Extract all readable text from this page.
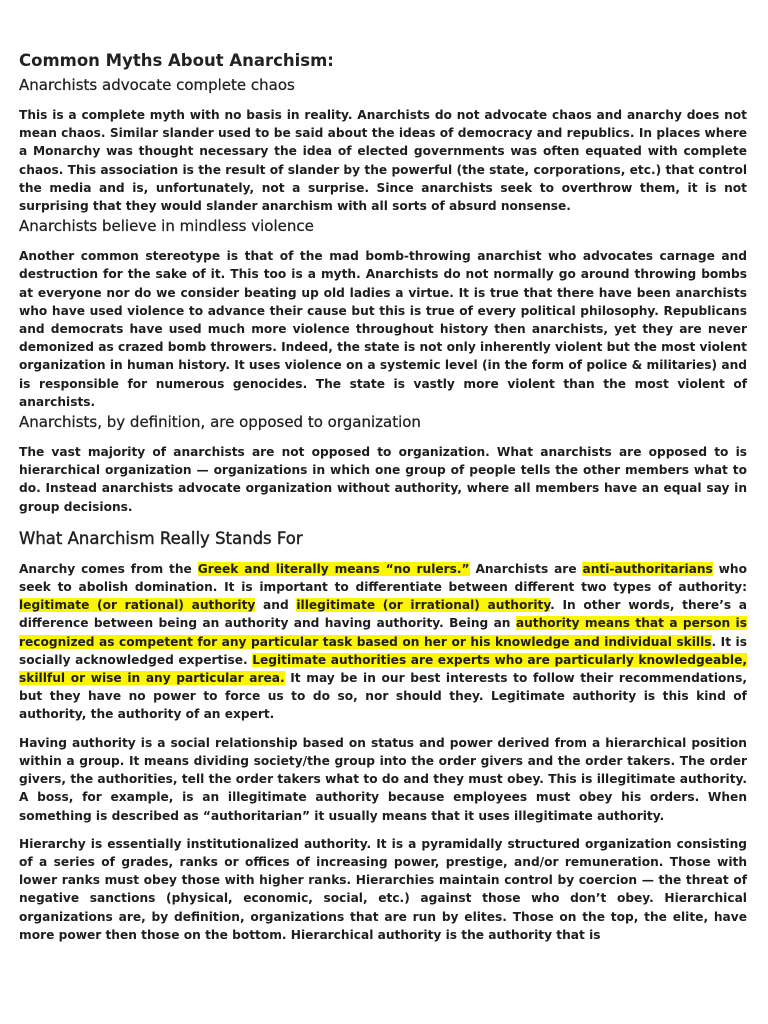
Common Myths About Anarchism:
Anarchists advocate complete chaos

This is a complete myth with no basis in reality. Anarchists do not advocate chaos and anarchy does not mean chaos. Similar slander used to be said about the ideas of democracy and republics. In places where a Monarchy was thought necessary the idea of elected governments was often equated with complete chaos. This association is the result of slander by the powerful (the state, corporations, etc.) that control the media and is, unfortunately, not a surprise. Since anarchists seek to overthrow them, it is not surprising that they would slander anarchism with all sorts of absurd nonsense.

Anarchists believe in mindless violence

Another common stereotype is that of the mad bomb-throwing anarchist who advocates carnage and destruction for the sake of it. This too is a myth. Anarchists do not normally go around throwing bombs at everyone nor do we consider beating up old ladies a virtue. It is true that there have been anarchists who have used violence to advance their cause but this is true of every political philosophy. Republicans and democrats have used much more violence throughout history then anarchists, yet they are never demonized as crazed bomb throwers. Indeed, the state is not only inherently violent but the most violent organization in human history. It uses violence on a systemic level (in the form of police & militaries) and is responsible for numerous genocides. The state is vastly more violent than the most violent of anarchists.

Anarchists, by definition, are opposed to organization

The vast majority of anarchists are not opposed to organization. What anarchists are opposed to is hierarchical organization — organizations in which one group of people tells the other members what to do. Instead anarchists advocate organization without authority, where all members have an equal say in group decisions.

What Anarchism Really Stands For

Anarchy comes from the Greek and literally means “no rulers.” Anarchists are anti-authoritarians who seek to abolish domination. It is important to differentiate between different two types of authority: legitimate (or rational) authority and illegitimate (or irrational) authority. In other words, there’s a difference between being an authority and having authority. Being an authority means that a person is recognized as competent for any particular task based on her or his knowledge and individual skills. It is socially acknowledged expertise. Legitimate authorities are experts who are particularly knowledgeable, skillful or wise in any particular area. It may be in our best interests to follow their recommendations, but they have no power to force us to do so, nor should they. Legitimate authority is this kind of authority, the authority of an expert.

Having authority is a social relationship based on status and power derived from a hierarchical position within a group. It means dividing society/the group into the order givers and the order takers. The order givers, the authorities, tell the order takers what to do and they must obey. This is illegitimate authority. A boss, for example, is an illegitimate authority because employees must obey his orders. When something is described as “authoritarian” it usually means that it uses illegitimate authority.

Hierarchy is essentially institutionalized authority. It is a pyramidally structured organization consisting of a series of grades, ranks or offices of increasing power, prestige, and/or remuneration. Those with lower ranks must obey those with higher ranks. Hierarchies maintain control by coercion — the threat of negative sanctions (physical, economic, social, etc.) against those who don’t obey. Hierarchical organizations are, by definition, organizations that are run by elites. Those on the top, the elite, have more power then those on the bottom. Hierarchical authority is the authority that is
